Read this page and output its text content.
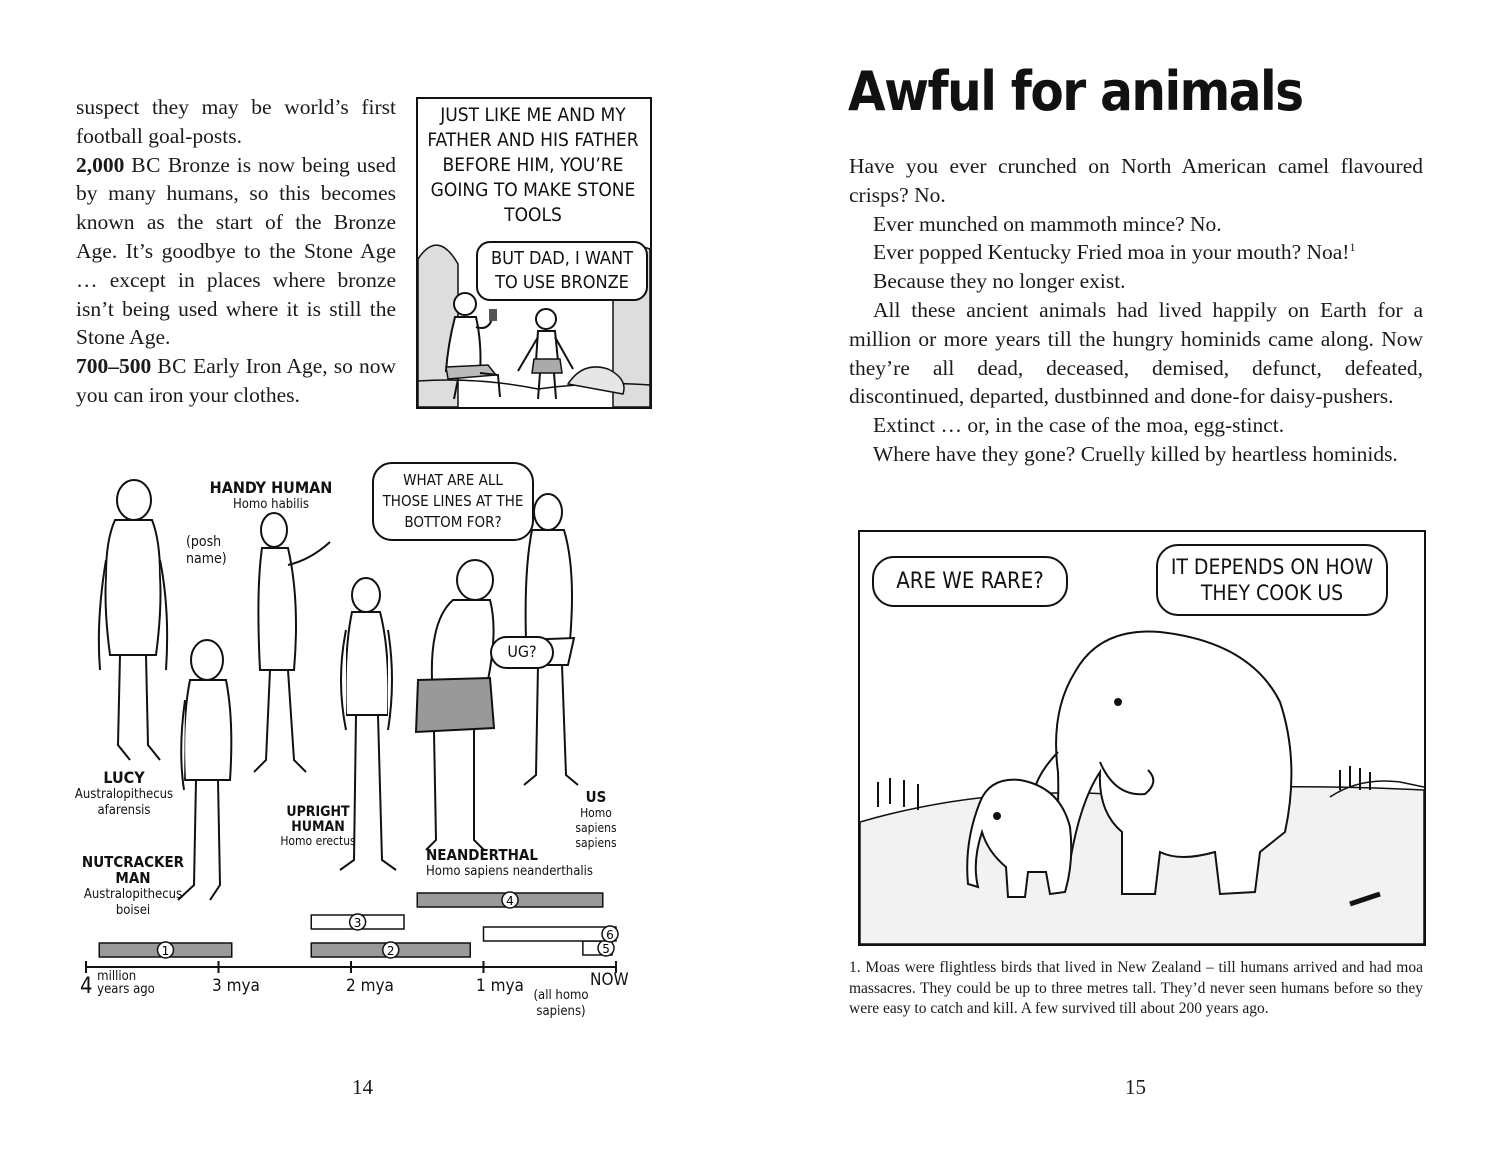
suspect they may be world’s first football goal-posts.

2,000 BC Bronze is now being used by many humans, so this becomes known as the start of the Bronze Age. It’s goodbye to the Stone Age … except in places where bronze isn’t being used where it is still the Stone Age.

700–500 BC Early Iron Age, so now you can iron your clothes.

JUST LIKE ME AND MY FATHER AND HIS FATHER BEFORE HIM, YOU’RE GOING TO MAKE STONE TOOLS
BUT DAD, I WANT TO USE BRONZE
WHAT ARE ALL THOSE LINES AT THE BOTTOM FOR?
UG?
(posh name)
LUCY
Australopithecus afarensis
NUTCRACKER MAN
Australopithecus boisei
HANDY HUMAN
Homo habilis
UPRIGHT HUMAN
Homo erectus
NEANDERTHAL
Homo sapiens neanderthalis
US
Homo sapiens sapiens
1	2
3
4
5
6
4 million years ago	3 mya	2 mya	1 mya	NOW
(all homo sapiens)
14
Awful for animals

Have you ever crunched on North American camel flavoured crisps? No.

Ever munched on mammoth mince? No.

Ever popped Kentucky Fried moa in your mouth? Noa!$^1$

Because they no longer exist.

All these ancient animals had lived happily on Earth for a million or more years till the hungry hominids came along. Now they’re all dead, deceased, demised, defunct, defeated, discontinued, departed, dustbinned and done-for daisy-pushers.

Extinct … or, in the case of the moa, egg-stinct.

Where have they gone? Cruelly killed by heartless hominids.

ARE WE RARE?
IT DEPENDS ON HOW THEY COOK US
1. Moas were flightless birds that lived in New Zealand – till humans arrived and had moa massacres. They could be up to three metres tall. They’d never seen humans before so they were easy to catch and kill. A few survived till about 200 years ago.
15
